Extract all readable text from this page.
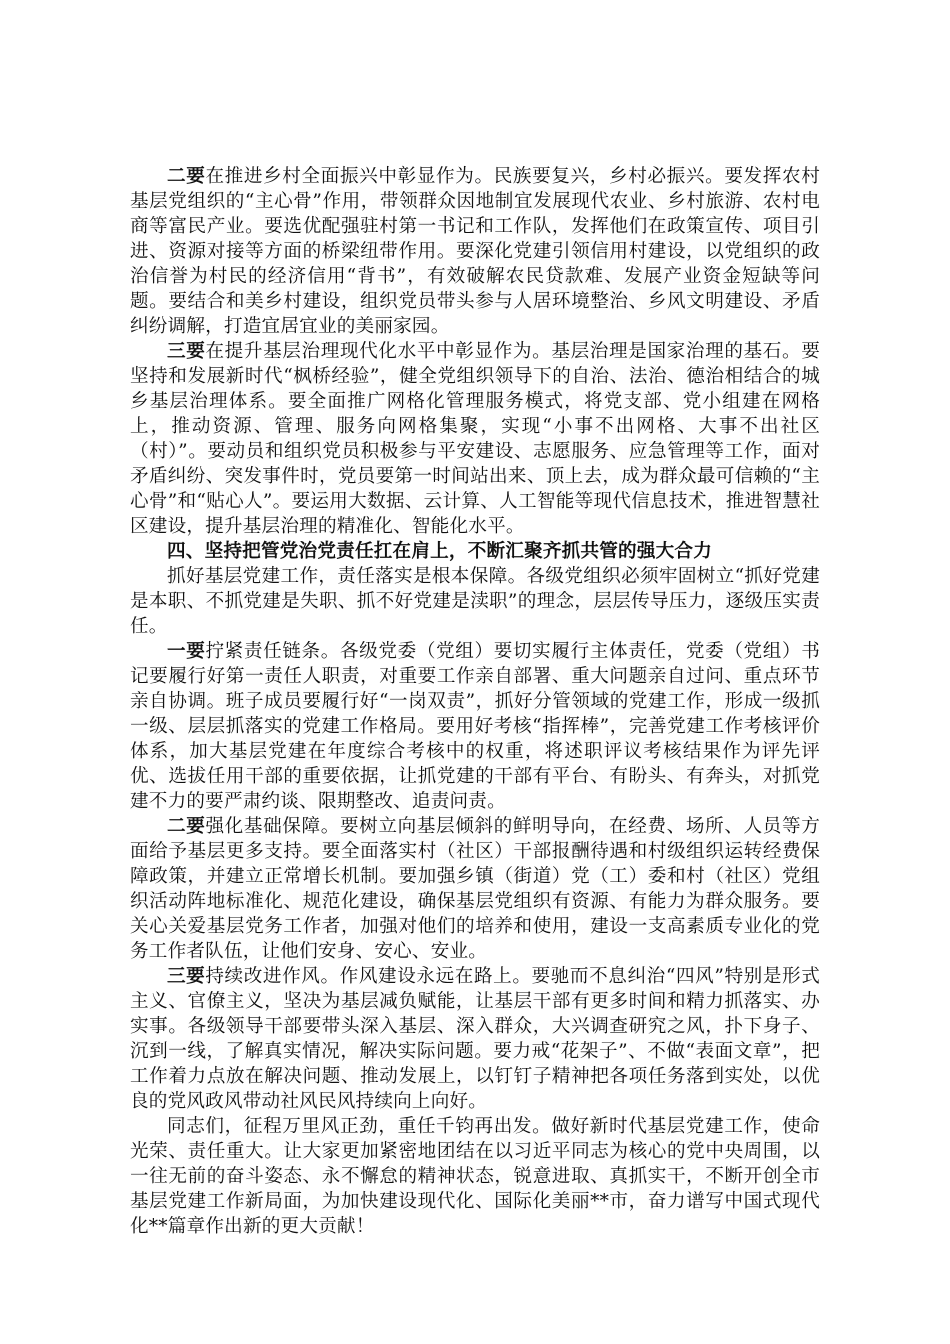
二要在推进乡村全面振兴中彰显作为。民族要复兴，乡村必振兴。要发挥农村基层党组织的“主心骨”作用，带领群众因地制宜发展现代农业、乡村旅游、农村电商等富民产业。要选优配强驻村第一书记和工作队，发挥他们在政策宣传、项目引进、资源对接等方面的桥梁纽带作用。要深化党建引领信用村建设，以党组织的政治信誉为村民的经济信用“背书”，有效破解农民贷款难、发展产业资金短缺等问题。要结合和美乡村建设，组织党员带头参与人居环境整治、乡风文明建设、矛盾纠纷调解，打造宜居宜业的美丽家园。

三要在提升基层治理现代化水平中彰显作为。基层治理是国家治理的基石。要坚持和发展新时代“枫桥经验”，健全党组织领导下的自治、法治、德治相结合的城乡基层治理体系。要全面推广网格化管理服务模式，将党支部、党小组建在网格上，推动资源、管理、服务向网格集聚，实现“小事不出网格、大事不出社区（村）”。要动员和组织党员积极参与平安建设、志愿服务、应急管理等工作，面对矛盾纠纷、突发事件时，党员要第一时间站出来、顶上去，成为群众最可信赖的“主心骨”和“贴心人”。要运用大数据、云计算、人工智能等现代信息技术，推进智慧社区建设，提升基层治理的精准化、智能化水平。

四、坚持把管党治党责任扛在肩上，不断汇聚齐抓共管的强大合力

抓好基层党建工作，责任落实是根本保障。各级党组织必须牢固树立“抓好党建是本职、不抓党建是失职、抓不好党建是渎职”的理念，层层传导压力，逐级压实责任。

一要拧紧责任链条。各级党委（党组）要切实履行主体责任，党委（党组）书记要履行好第一责任人职责，对重要工作亲自部署、重大问题亲自过问、重点环节亲自协调。班子成员要履行好“一岗双责”，抓好分管领域的党建工作，形成一级抓一级、层层抓落实的党建工作格局。要用好考核“指挥棒”，完善党建工作考核评价体系，加大基层党建在年度综合考核中的权重，将述职评议考核结果作为评先评优、选拔任用干部的重要依据，让抓党建的干部有平台、有盼头、有奔头，对抓党建不力的要严肃约谈、限期整改、追责问责。

二要强化基础保障。要树立向基层倾斜的鲜明导向，在经费、场所、人员等方面给予基层更多支持。要全面落实村（社区）干部报酬待遇和村级组织运转经费保障政策，并建立正常增长机制。要加强乡镇（街道）党（工）委和村（社区）党组织活动阵地标准化、规范化建设，确保基层党组织有资源、有能力为群众服务。要关心关爱基层党务工作者，加强对他们的培养和使用，建设一支高素质专业化的党务工作者队伍，让他们安身、安心、安业。

三要持续改进作风。作风建设永远在路上。要驰而不息纠治“四风”特别是形式主义、官僚主义，坚决为基层减负赋能，让基层干部有更多时间和精力抓落实、办实事。各级领导干部要带头深入基层、深入群众，大兴调查研究之风，扑下身子、沉到一线，了解真实情况，解决实际问题。要力戒“花架子”、不做“表面文章”，把工作着力点放在解决问题、推动发展上，以钉钉子精神把各项任务落到实处，以优良的党风政风带动社风民风持续向上向好。

同志们，征程万里风正劲，重任千钧再出发。做好新时代基层党建工作，使命光荣、责任重大。让大家更加紧密地团结在以习近平同志为核心的党中央周围，以一往无前的奋斗姿态、永不懈怠的精神状态，锐意进取、真抓实干，不断开创全市基层党建工作新局面，为加快建设现代化、国际化美丽**市，奋力谱写中国式现代化**篇章作出新的更大贡献！
